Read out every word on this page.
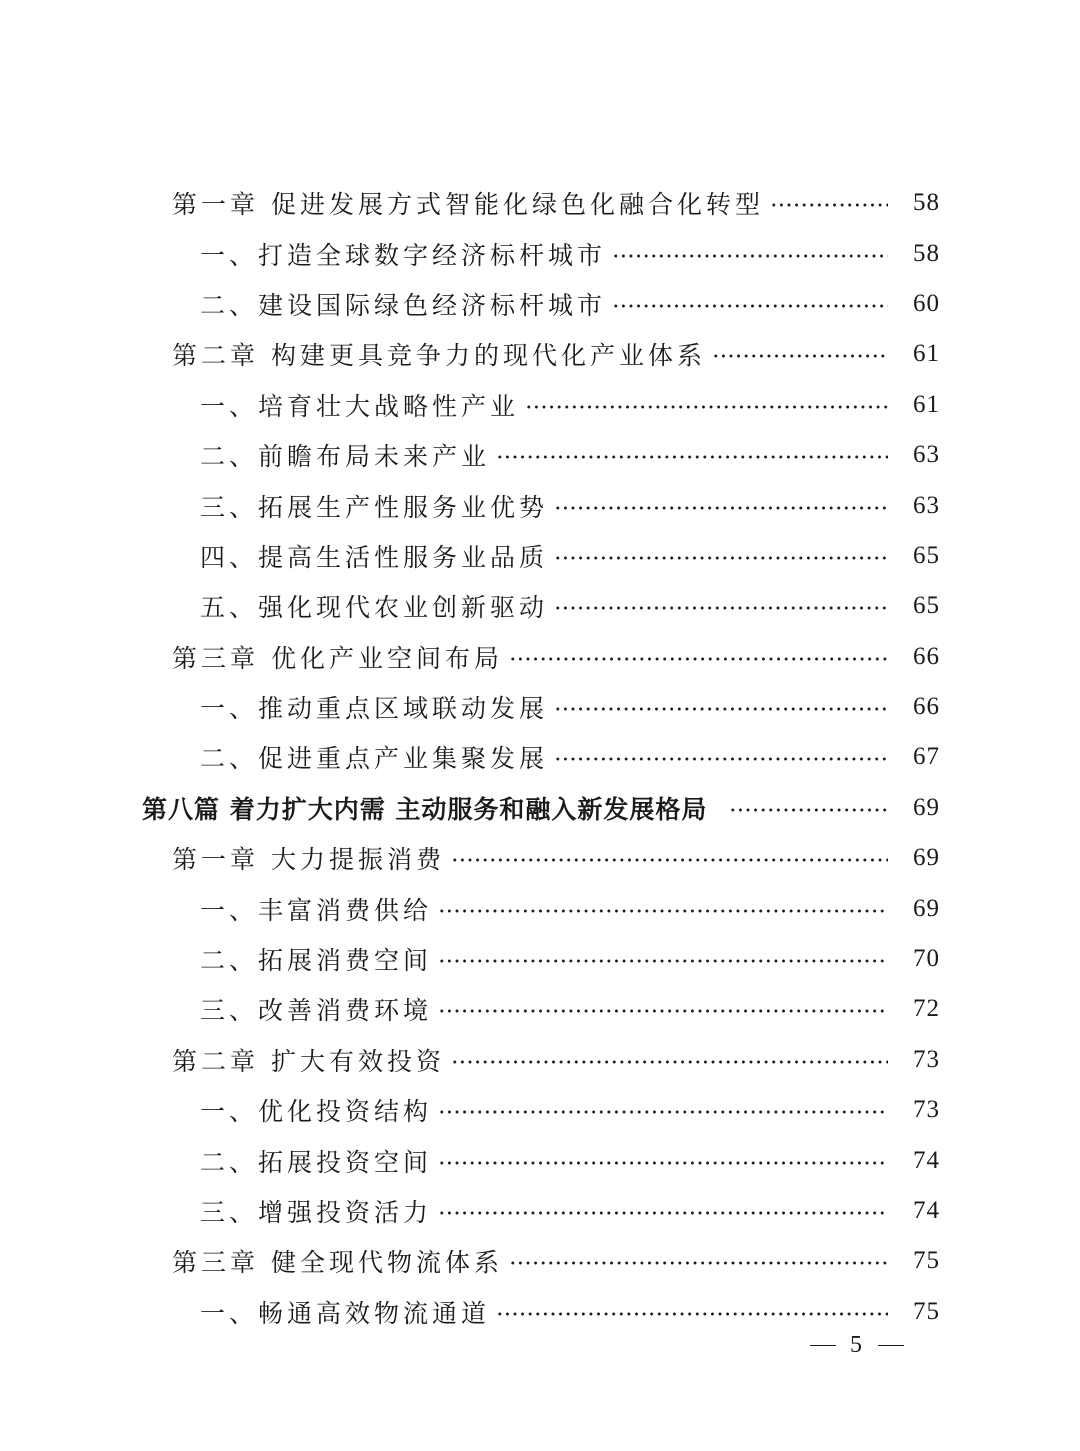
第一章 促进发展方式智能化绿色化融合化转型	58
一、打造全球数字经济标杆城市	58
二、建设国际绿色经济标杆城市	60
第二章 构建更具竞争力的现代化产业体系	61
一、培育壮大战略性产业	61
二、前瞻布局未来产业	63
三、拓展生产性服务业优势	63
四、提高生活性服务业品质	65
五、强化现代农业创新驱动	65
第三章 优化产业空间布局	66
一、推动重点区域联动发展	66
二、促进重点产业集聚发展	67
第八篇 着力扩大内需 主动服务和融入新发展格局	69
第一章 大力提振消费	69
一、丰富消费供给	69
二、拓展消费空间	70
三、改善消费环境	72
第二章 扩大有效投资	73
一、优化投资结构	73
二、拓展投资空间	74
三、增强投资活力	74
第三章 健全现代物流体系	75
一、畅通高效物流通道	75
5
